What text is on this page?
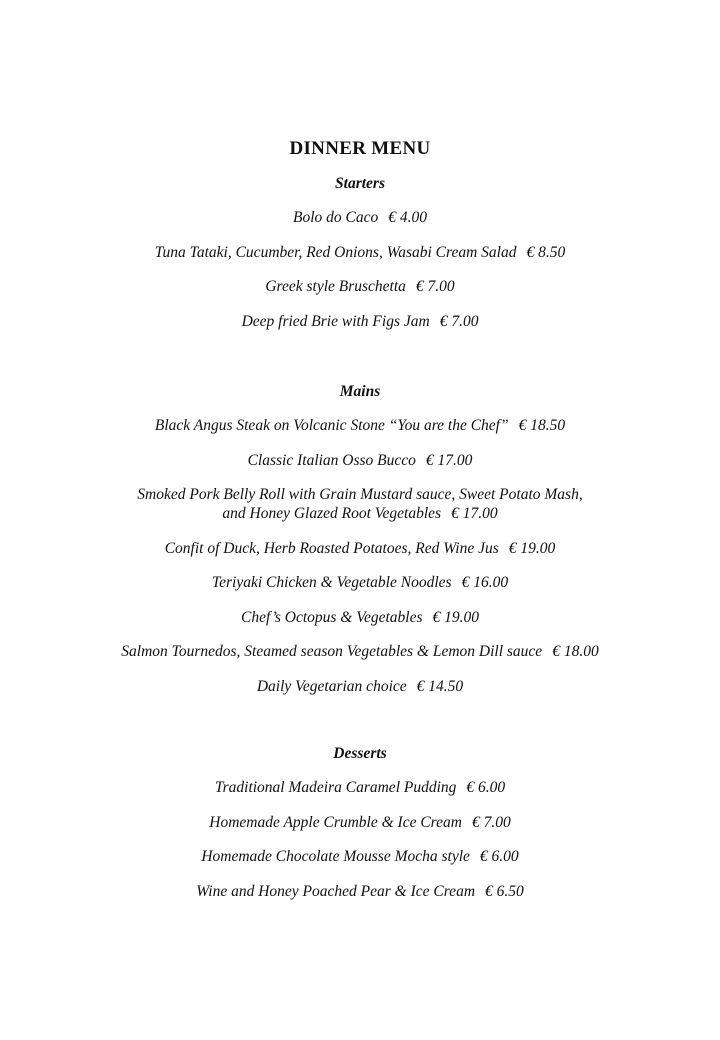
DINNER MENU
Starters
Bolo do Caco € 4.00
Tuna Tataki, Cucumber, Red Onions, Wasabi Cream Salad € 8.50
Greek style Bruschetta € 7.00
Deep fried Brie with Figs Jam € 7.00
Mains
Black Angus Steak on Volcanic Stone “You are the Chef” € 18.50
Classic Italian Osso Bucco € 17.00
Smoked Pork Belly Roll with Grain Mustard sauce, Sweet Potato Mash,
and Honey Glazed Root Vegetables € 17.00
Confit of Duck, Herb Roasted Potatoes, Red Wine Jus € 19.00
Teriyaki Chicken & Vegetable Noodles € 16.00
Chef’s Octopus & Vegetables € 19.00
Salmon Tournedos, Steamed season Vegetables & Lemon Dill sauce € 18.00
Daily Vegetarian choice € 14.50
Desserts
Traditional Madeira Caramel Pudding € 6.00
Homemade Apple Crumble & Ice Cream € 7.00
Homemade Chocolate Mousse Mocha style € 6.00
Wine and Honey Poached Pear & Ice Cream € 6.50
